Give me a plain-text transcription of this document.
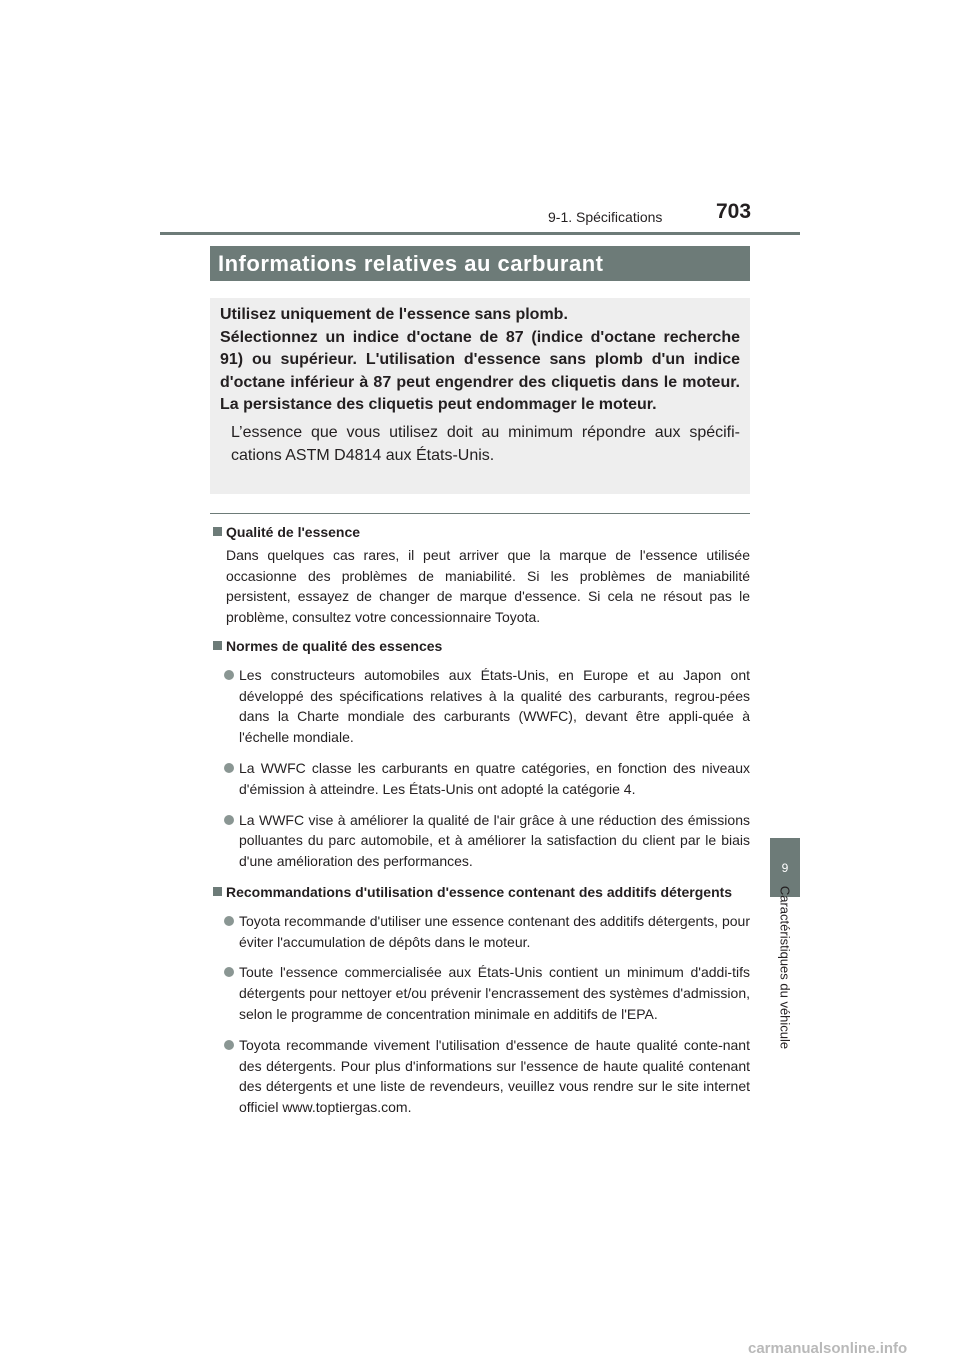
9-1. Spécifications	703
9
Caractéristiques du véhicule
Informations relatives au carburant

Utilisez uniquement de l'essence sans plomb.

Sélectionnez un indice d'octane de 87 (indice d'octane recherche 91) ou supérieur. L'utilisation d'essence sans plomb d'un indice d'octane inférieur à 87 peut engendrer des cliquetis dans le moteur. La persistance des cliquetis peut endommager le moteur.

L’essence que vous utilisez doit au minimum répondre aux spécifi-cations ASTM D4814 aux États-Unis.

Qualité de l'essence

Dans quelques cas rares, il peut arriver que la marque de l'essence utilisée occasionne des problèmes de maniabilité. Si les problèmes de maniabilité persistent, essayez de changer de marque d'essence. Si cela ne résout pas le problème, consultez votre concessionnaire Toyota.

Normes de qualité des essences

Les constructeurs automobiles aux États-Unis, en Europe et au Japon ont développé des spécifications relatives à la qualité des carburants, regrou-pées dans la Charte mondiale des carburants (WWFC), devant être appli-quée à l'échelle mondiale.

La WWFC classe les carburants en quatre catégories, en fonction des niveaux d'émission à atteindre. Les États-Unis ont adopté la catégorie 4.

La WWFC vise à améliorer la qualité de l'air grâce à une réduction des émissions polluantes du parc automobile, et à améliorer la satisfaction du client par le biais d'une amélioration des performances.

Recommandations d'utilisation d'essence contenant des additifs détergents

Toyota recommande d'utiliser une essence contenant des additifs détergents, pour éviter l'accumulation de dépôts dans le moteur.

Toute l'essence commercialisée aux États-Unis contient un minimum d'addi-tifs détergents pour nettoyer et/ou prévenir l'encrassement des systèmes d'admission, selon le programme de concentration minimale en additifs de l'EPA.

Toyota recommande vivement l'utilisation d'essence de haute qualité conte-nant des détergents. Pour plus d'informations sur l'essence de haute qualité contenant des détergents et une liste de revendeurs, veuillez vous rendre sur le site internet officiel www.toptiergas.com.

carmanualsonline.info
